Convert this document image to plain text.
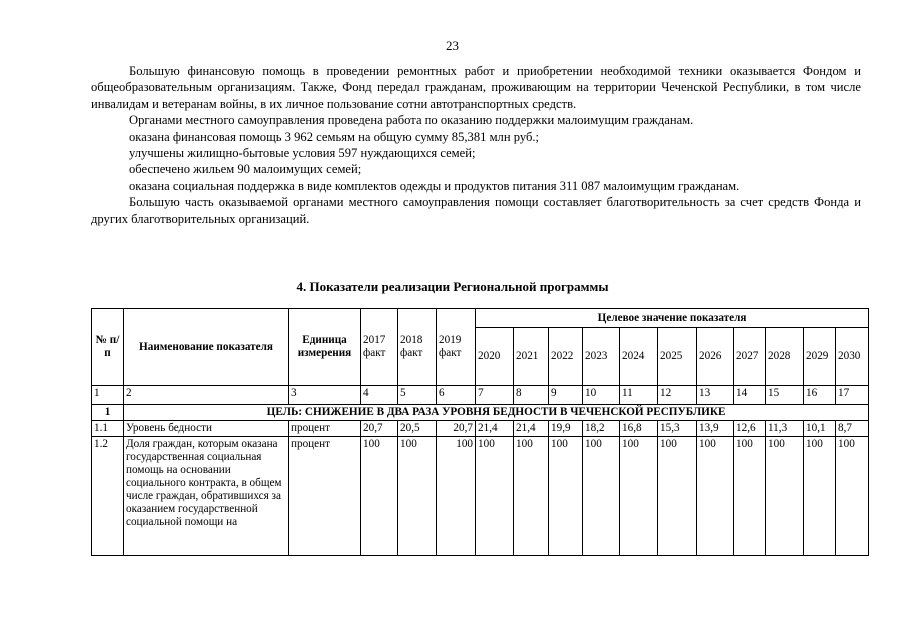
23

Большую финансовую помощь в проведении ремонтных работ и приобретении необходимой техники оказывается Фондом и общеобразовательным организациям. Также, Фонд передал гражданам, проживающим на территории Чеченской Республики, в том числе инвалидам и ветеранам войны, в их личное пользование сотни автотранспортных средств.

Органами местного самоуправления проведена работа по оказанию поддержки малоимущим гражданам.

оказана финансовая помощь 3 962 семьям на общую сумму 85,381 млн руб.;

улучшены жилищно-бытовые условия 597 нуждающихся семей;

обеспечено жильем 90 малоимущих семей;

оказана социальная поддержка в виде комплектов одежды и продуктов питания 311 087 малоимущим гражданам.

Большую часть оказываемой органами местного самоуправления помощи составляет благотворительность за счет средств Фонда и других благотворительных организаций.

4. Показатели реализации Региональной программы
№ п/п	Наименование показателя	Единица измерения	2017 факт	2018 факт	2019 факт	Целевое значение показателя										
						2020	2021	2022	2023	2024	2025	2026	2027	2028	2029	2030
1	2	3	4	5	6	7	8	9	10	11	12	13	14	15	16	17
1	ЦЕЛЬ: СНИЖЕНИЕ В ДВА РАЗА УРОВНЯ БЕДНОСТИ В ЧЕЧЕНСКОЙ РЕСПУБЛИКЕ															
1.1	Уровень бедности	процент	20,7	20,5	20,7	21,4	21,4	19,9	18,2	16,8	15,3	13,9	12,6	11,3	10,1	8,7
1.2	Доля граждан, которым оказана государственная социальная помощь на основании социального контракта, в общем числе граждан, обратившихся за оказанием государственной социальной помощи на	процент	100	100	100	100	100	100	100	100	100	100	100	100	100	100
